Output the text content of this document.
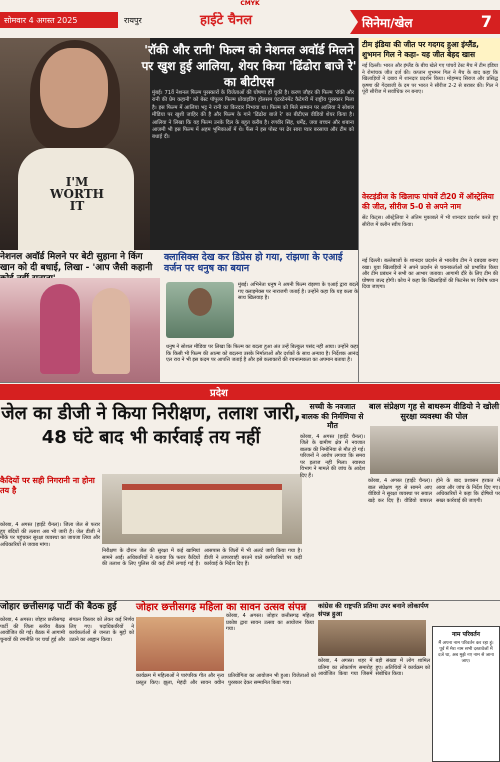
CMYK
सोमवार 4 अगस्त 2025	रायपुर	हाईटे चैनल	सिनेमा/खेल	7
I'M WORTH IT
'रॉकी और रानी' फिल्म को नेशनल अवॉर्ड मिलने पर खुश हुई आलिया, शेयर किया 'ढिंढोरा बाजे रे' का बीटीएस
मुंबई। 71वें नेशनल फिल्म पुरस्कारों के विजेताओं की घोषणा हो चुकी है। करण जौहर की फिल्म 'रॉकी और रानी की प्रेम कहानी' को बेस्ट पॉपुलर फिल्म प्रोवाइडिंग होलसम एंटरटेनमेंट कैटेगरी में राष्ट्रीय पुरस्कार मिला है। इस फिल्म में आलिया भट्ट ने रानी का किरदार निभाया था। फिल्म को मिले सम्मान पर आलिया ने सोशल मीडिया पर खुशी जाहिर की है और फिल्म के गाने 'ढिंढोरा बाजे रे' का बीटीएस वीडियो शेयर किया है। आलिया ने लिखा कि यह फिल्म उनके दिल के बहुत करीब है। रणवीर सिंह, धर्मेंद्र, जया बच्चन और शबाना आजमी भी इस फिल्म में अहम भूमिकाओं में थे। फैंस ने इस पोस्ट पर ढेर सारा प्यार बरसाया और टीम को बधाई दी।
टीम इंडिया की जीत पर गदगद हुआ इंग्लैंड, शुभमन गिल ने कहा- यह जीत बेहद खास
नई दिल्ली। भारत और इंग्लैंड के बीच खेले गए पांचवें टेस्ट मैच में टीम इंडिया ने रोमांचक जीत दर्ज की। कप्तान शुभमन गिल ने मैच के बाद कहा कि खिलाड़ियों ने दबाव में शानदार प्रदर्शन किया। मोहम्मद सिराज और प्रसिद्ध कृष्णा की गेंदबाजी के दम पर भारत ने सीरीज 2-2 से बराबर की। गिल ने पूरी सीरीज में सर्वाधिक रन बनाए।
वेस्टइंडीज के खिलाफ पांचवें टी20 में ऑस्ट्रेलिया की जीत, सीरीज 5-0 से अपने नाम
सेंट किट्स। ऑस्ट्रेलिया ने अंतिम मुकाबले में भी शानदार प्रदर्शन करते हुए सीरीज में क्लीन स्वीप किया।
नेशनल अवॉर्ड मिलने पर बेटी सुहाना ने किंग खान को दी बधाई, लिखा - 'आप जैसी कहानी
क्लासिक्स देख कर डिप्रेस हो गया, रांझणा के एआई वर्जन पर धनुष का बयान
मुंबई। अभिनेता धनुष ने अपनी फिल्म रांझणा के एआई द्वारा बदले गए क्लाइमेक्स पर नाराजगी जताई है। उन्होंने कहा कि यह कला के साथ खिलवाड़ है।
धनुष ने सोशल मीडिया पर लिखा कि फिल्म का बदला हुआ अंत उन्हें बिल्कुल पसंद नहीं आया। उन्होंने कहा कि किसी भी फिल्म की आत्मा को बदलना उसके निर्माताओं और दर्शकों के साथ अन्याय है। निर्देशक आनंद एल राय ने भी इस कदम पर आपत्ति जताई है और इसे कलाकारों की रचनात्मकता का अपमान बताया है।
नई दिल्ली। बल्लेबाजों के शानदार प्रदर्शन से भारतीय टीम ने दबदबा बनाए रखा। युवा खिलाड़ियों ने अपने प्रदर्शन से चयनकर्ताओं को प्रभावित किया और टीम प्रबंधन ने सभी का आभार जताया। आगामी दौरे के लिए टीम की घोषणा जल्द होगी। कोच ने कहा कि खिलाड़ियों की फिटनेस पर विशेष ध्यान दिया जाएगा।
प्रदेश
जेल का डीजी ने किया निरीक्षण, तलाश जारी, 48 घंटे बाद भी कार्रवाई तय नहीं
कैदियों पर सही निगरानी ना होना तय है
कोरबा, 4 अगस्त (हाईटे चैनल)। जिला जेल से फरार हुए बंदियों की तलाश अब भी जारी है। जेल डीजी ने मौके पर पहुंचकर सुरक्षा व्यवस्था का जायजा लिया और अधिकारियों से जवाब मांगा।
निरीक्षण के दौरान जेल की सुरक्षा में कई खामियां सामने आईं। अधिकारियों ने बताया कि फरार कैदियों की तलाश के लिए पुलिस की कई टीमें लगाई गई हैं। आसपास के जिलों में भी अलर्ट जारी किया गया है। डीजी ने लापरवाही बरतने वाले कर्मचारियों पर कड़ी कार्रवाई के निर्देश दिए हैं।
सच्ची के नवजात बालक की निर्मणिया से मौत
कोरबा, 4 अगस्त (हाईटे चैनल)। जिले के ग्रामीण क्षेत्र में नवजात बालक की निमोनिया से मौत हो गई। परिजनों ने आरोप लगाया कि समय पर इलाज नहीं मिला। स्वास्थ्य विभाग ने मामले की जांच के आदेश दिए हैं।
बाल संप्रेक्षण गृह से बाथरूम वीडियो ने खोली सुरक्षा व्यवस्था की पोल
कोरबा, 4 अगस्त (हाईटे चैनल)। बाल संप्रेक्षण गृह से सामने आए वीडियो ने सुरक्षा व्यवस्था पर सवाल खड़े कर दिए हैं। वीडियो वायरल होने के बाद प्रशासन हरकत में आया और जांच के निर्देश दिए गए। अधिकारियों ने कहा कि दोषियों पर सख्त कार्रवाई की जाएगी।
जोहार छत्तीसगढ़ पार्टी की बैठक हुई
कोरबा, 4 अगस्त। जोहार छत्तीसगढ़ पार्टी की जिला स्तरीय बैठक आयोजित की गई। बैठक में आगामी चुनावों की रणनीति पर चर्चा हुई और संगठन विस्तार को लेकर कई निर्णय लिए गए। पदाधिकारियों ने कार्यकर्ताओं से जनता के मुद्दों को उठाने का आह्वान किया।
जोहार छत्तीसगढ़ महिला का सावन उत्सव संपन्न
कोरबा, 4 अगस्त। जोहार छत्तीसगढ़ महिला प्रकोष्ठ द्वारा सावन उत्सव का आयोजन किया गया।
कार्यक्रम में महिलाओं ने पारंपरिक गीत और नृत्य प्रस्तुत किए। झूला, मेहंदी और सावन क्वीन प्रतियोगिता का आयोजन भी हुआ। विजेताओं को पुरस्कार देकर सम्मानित किया गया।
कांग्रेस की राष्ट्रपति प्रतिमा उपर बनाने लोकार्पण संपन्न हुआ
कोरबा, 4 अगस्त। शहर में प्रतिमा का लोकार्पण समारोह आयोजित किया गया जिसमें बड़ी संख्या में लोग शामिल हुए। अतिथियों ने कार्यक्रम को संबोधित किया।
नाम परिवर्तन
मैं अपना नाम परिवर्तन कर रहा हूं। पूर्व में मेरा नाम सभी दस्तावेजों में दर्ज था, अब मुझे नए नाम से जाना जाए।
